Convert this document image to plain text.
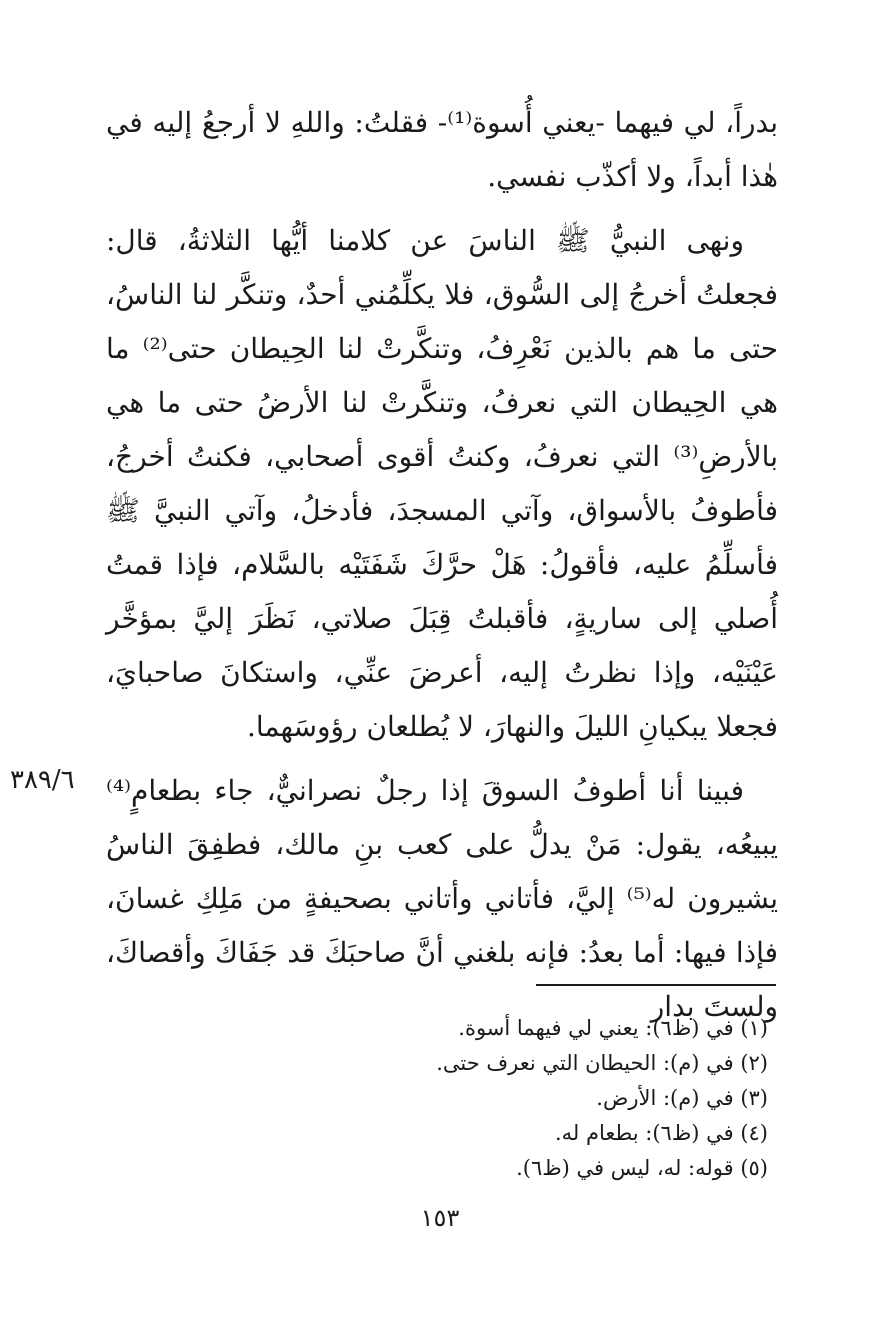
بدراً، لي فيهما -يعني أُسوة⁽¹⁾- فقلتُ: واللهِ لا أرجعُ إليه في هٰذا أبداً، ولا أكذّب نفسي.

ونهى النبيُّ ﷺ الناسَ عن كلامنا أيُّها الثلاثةُ، قال: فجعلتُ أخرجُ إلى السُّوق، فلا يكلِّمُني أحدٌ، وتنكَّر لنا الناسُ، حتى ما هم بالذين نَعْرِفُ، وتنكَّرتْ لنا الحِيطان حتى⁽²⁾ ما هي الحِيطان التي نعرفُ، وتنكَّرتْ لنا الأرضُ حتى ما هي بالأرضِ⁽³⁾ التي نعرفُ، وكنتُ أقوى أصحابي، فكنتُ أخرجُ، فأطوفُ بالأسواق، وآتي المسجدَ، فأدخلُ، وآتي النبيَّ ﷺ فأسلِّمُ عليه، فأقولُ: هَلْ حرَّكَ شَفَتَيْه بالسَّلام، فإذا قمتُ أُصلي إلى ساريةٍ، فأقبلتُ قِبَلَ صلاتي، نَظَرَ إليَّ بمؤخَّر عَيْنَيْه، وإذا نظرتُ إليه، أعرضَ عنِّي، واستكانَ صاحبايَ، فجعلا يبكيانِ الليلَ والنهارَ، لا يُطلعان رؤوسَهما.

فبينا أنا أطوفُ السوقَ إذا رجلٌ نصرانيٌّ، جاء بطعامٍ⁽⁴⁾ يبيعُه، يقول: مَنْ يدلُّ على كعب بنِ مالك، فطفِقَ الناسُ يشيرون له⁽⁵⁾ إليَّ، فأتاني وأتاني بصحيفةٍ من مَلِكِ غسانَ، فإذا فيها: أما بعدُ: فإنه بلغني أنَّ صاحبَكَ قد جَفَاكَ وأقصاكَ، ولستَ بدار

٣٨٩/٦
(١) في (ظ٦): يعني لي فيهما أسوة.
(٢) في (م): الحيطان التي نعرف حتى.
(٣) في (م): الأرض.
(٤) في (ظ٦): بطعام له.
(٥) قوله: له، ليس في (ظ٦).
١٥٣
